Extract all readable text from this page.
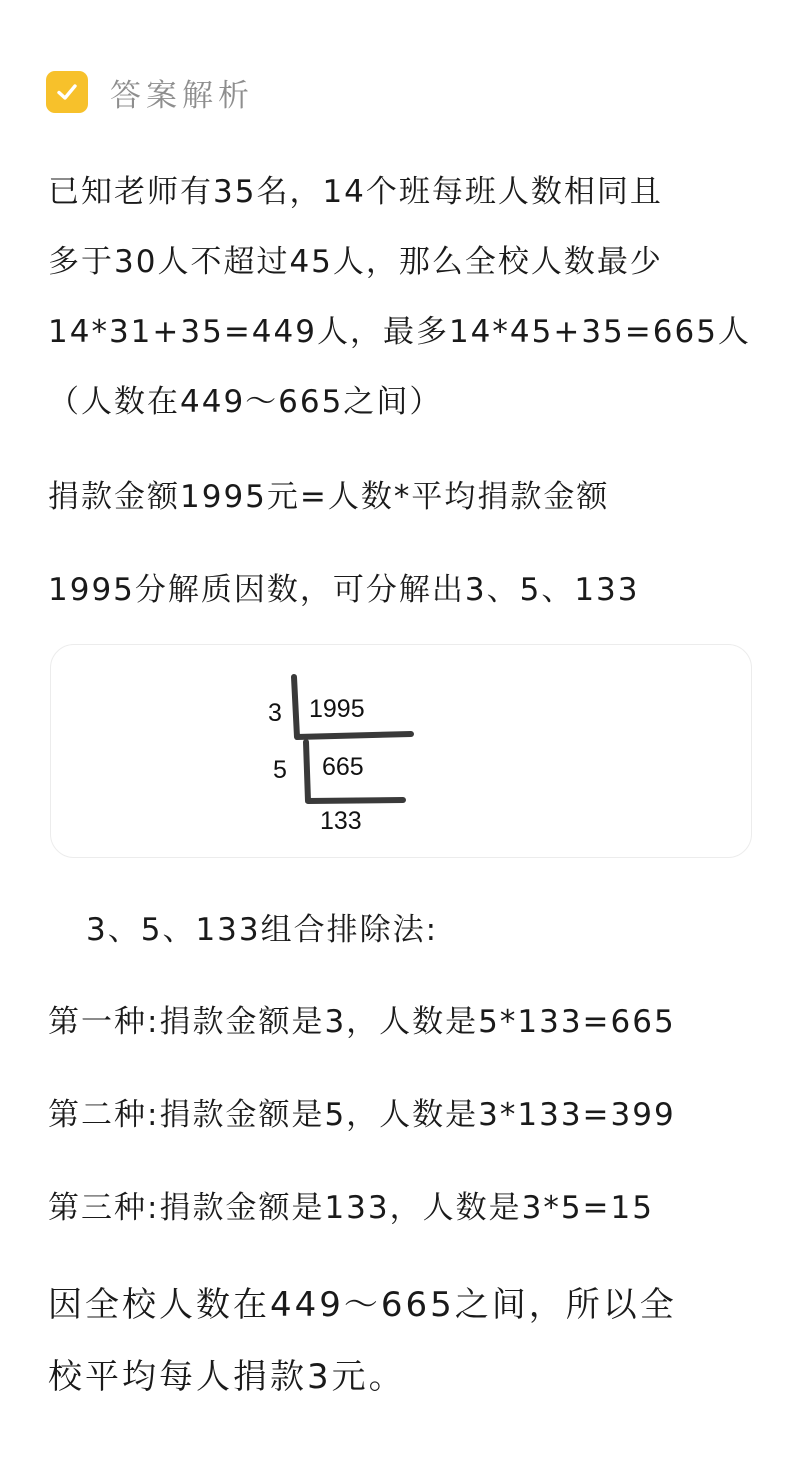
答案解析
已知老师有35名，14个班每班人数相同且
多于30人不超过45人，那么全校人数最少
14*31+35=449人，最多14*45+35=665人
（人数在449～665之间）
捐款金额1995元=人数*平均捐款金额
1995分解质因数，可分解出3、5、133
3 1995
5 665
133
3、5、133组合排除法:
第一种:捐款金额是3，人数是5*133=665
第二种:捐款金额是5，人数是3*133=399
第三种:捐款金额是133，人数是3*5=15
因全校人数在449～665之间，所以全
校平均每人捐款3元。
